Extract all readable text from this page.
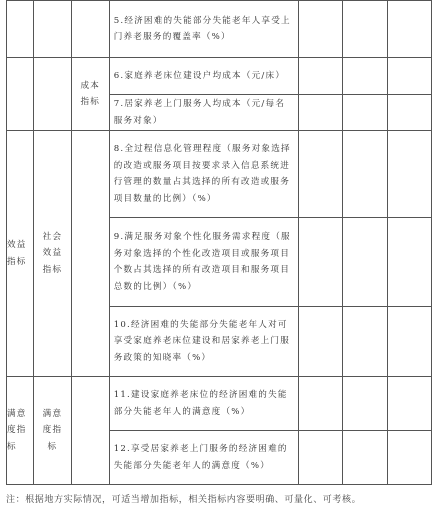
			5.经济困难的失能部分失能老年人享受上门养老服务的覆盖率（%）			

		成本指标	6.家庭养老床位建设户均成本（元/床）			
			7.居家养老上门服务人均成本（元/每名服务对象）			

效益指标	社会效益指标		8.全过程信息化管理程度（服务对象选择的改造或服务项目按要求录入信息系统进行管理的数量占其选择的所有改造或服务项目数量的比例）（%）			
			9.满足服务对象个性化服务需求程度（服务对象选择的个性化改造项目或服务项目个数占其选择的所有改造项目和服务项目总数的比例）（%）			
			10.经济困难的失能部分失能老年人对可享受家庭养老床位建设和居家养老上门服务政策的知晓率（%）			

满意度指标	满意度指标		11.建设家庭养老床位的经济困难的失能部分失能老年人的满意度（%）			
			12.享受居家养老上门服务的经济困难的失能部分失能老年人的满意度（%）			
注：根据地方实际情况，可适当增加指标，相关指标内容要明确、可量化、可考核。
